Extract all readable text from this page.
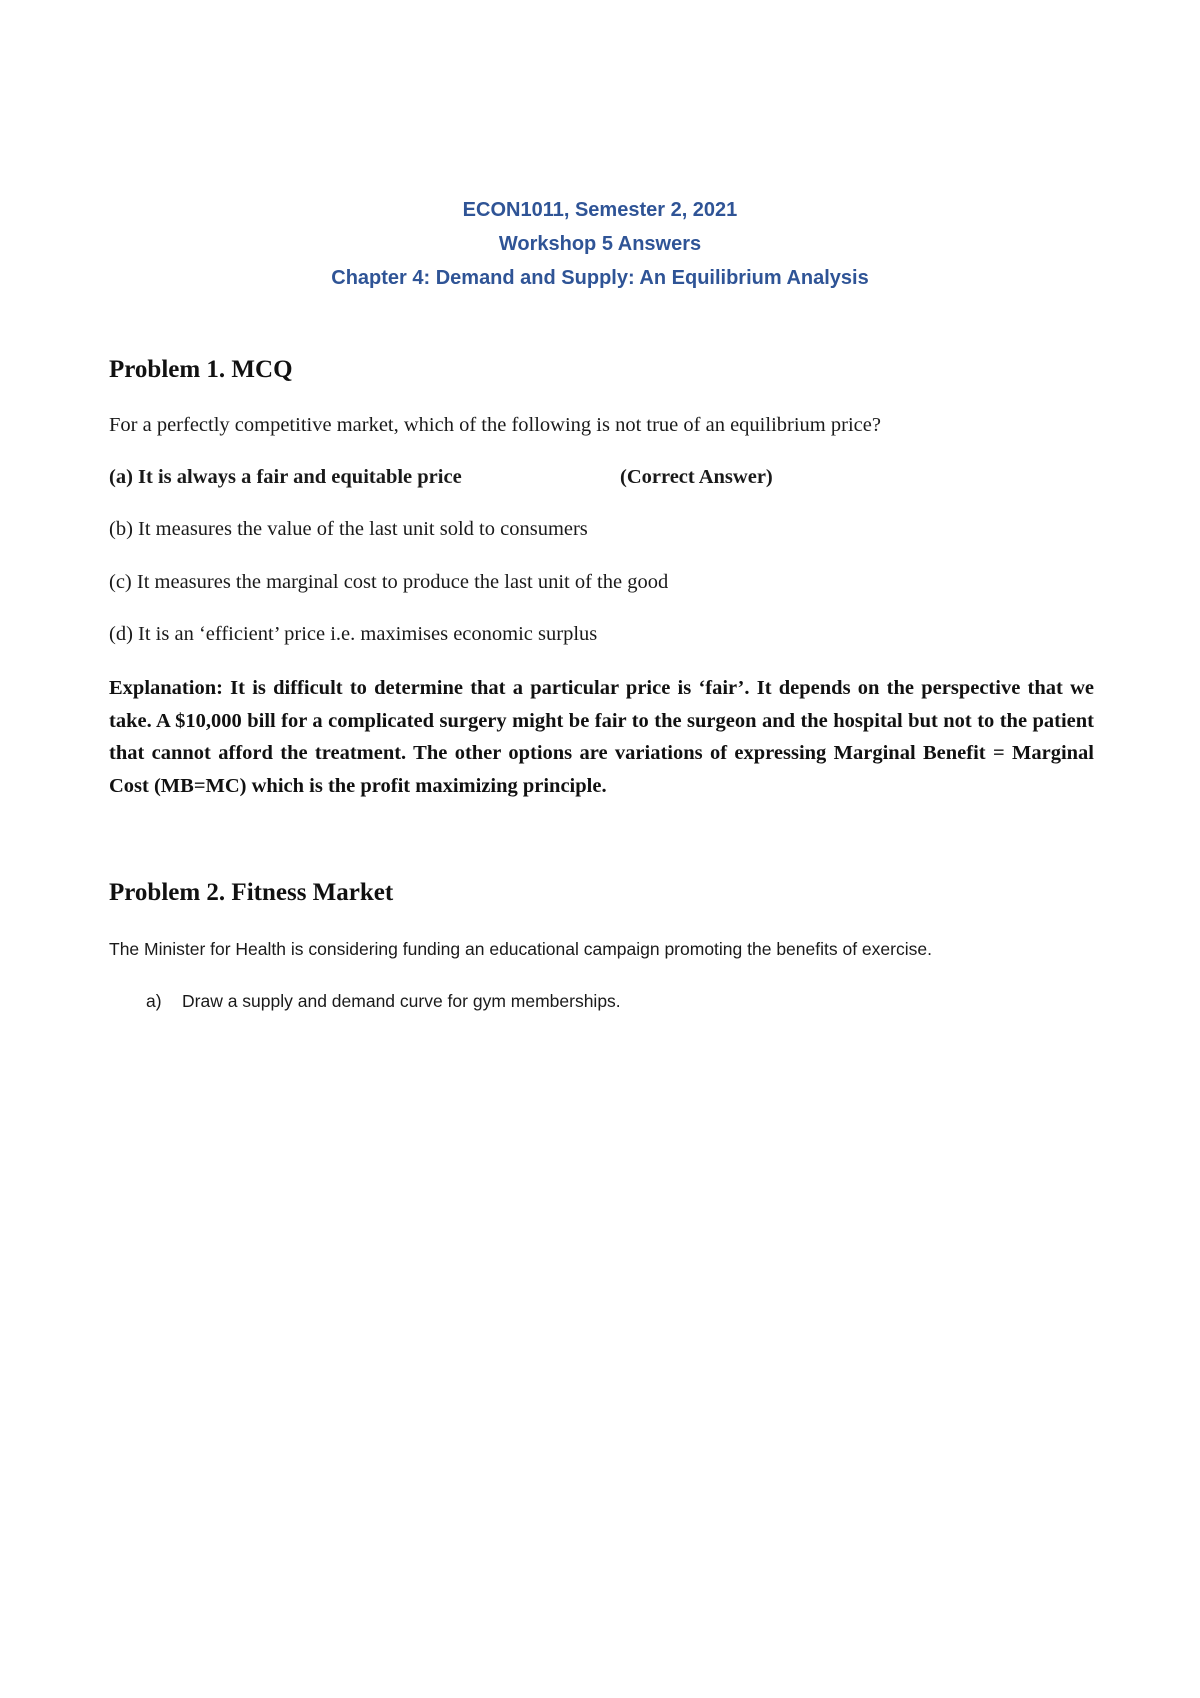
ECON1011, Semester 2, 2021
Workshop 5 Answers
Chapter 4: Demand and Supply: An Equilibrium Analysis
Problem 1. MCQ
For a perfectly competitive market, which of the following is not true of an equilibrium price?
(a) It is always a fair and equitable price	(Correct Answer)
(b) It measures the value of the last unit sold to consumers
(c) It measures the marginal cost to produce the last unit of the good
(d) It is an ‘efficient’ price i.e. maximises economic surplus
Explanation: It is difficult to determine that a particular price is ‘fair’. It depends on the perspective that we take. A $10,000 bill for a complicated surgery might be fair to the surgeon and the hospital but not to the patient that cannot afford the treatment. The other options are variations of expressing Marginal Benefit = Marginal Cost (MB=MC) which is the profit maximizing principle.
Problem 2. Fitness Market
The Minister for Health is considering funding an educational campaign promoting the benefits of exercise.
a) Draw a supply and demand curve for gym memberships.
